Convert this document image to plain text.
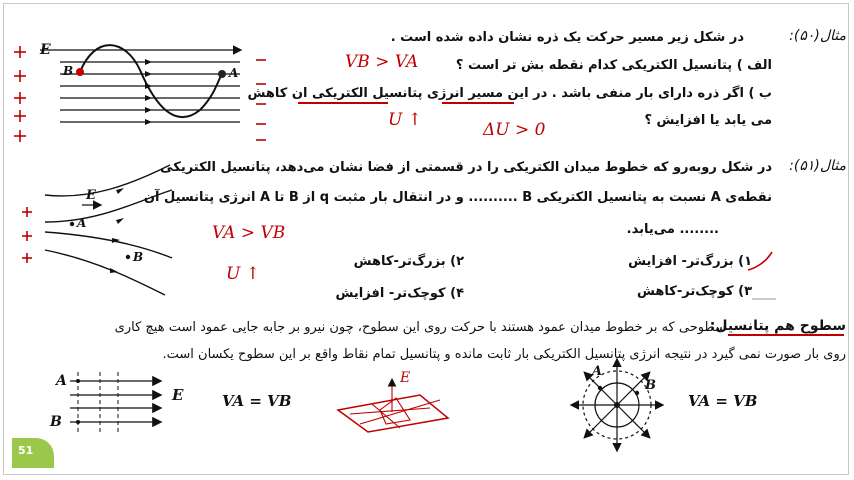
مثال(۵۰):
در شکل زیر مسیر حرکت یک ذره نشان داده شده است .
الف ) پتانسیل الکتریکی کدام نقطه بش تر است ؟
ب ) اگر ذره دارای بار منفی باشد . در این مسیر انرژی پتانسیل الکتریکی ان کاهش
می یابد یا افزایش ؟
VB > VA
U ↑	ΔU > 0
E
B	A
مثال(۵۱):
در شکل روبه‌رو که خطوط میدان الکتریکی را در قسمتی از فضا نشان می‌دهد، پتانسیل الکتریکی
نقطه‌ی A نسبت به پتانسیل الکتریکی B .......... و در انتقال بار مثبت q از B تا A انرژی پتانسیل آن
........ می‌یابد.
۱) بزرگ‌تر- افزایش
۲) بزرگ‌تر-کاهش
۳) کوچک‌تر-کاهش
۴) کوچک‌تر- افزایش
VA > VB
U ↑
E
A
B
سطوح هم پتانسیل:
سطوحی که بر خطوط میدان عمود هستند با حرکت روی این سطوح، چون نیرو بر جابه جایی عمود است هیچ کاری
روی بار صورت نمی گیرد در نتیجه انرژی پتانسیل الکتریکی بار ثابت مانده و پتانسیل تمام نقاط واقع بر این سطوح یکسان است.
A
B
E	VA = VB
E	A
B
VA = VB
51
